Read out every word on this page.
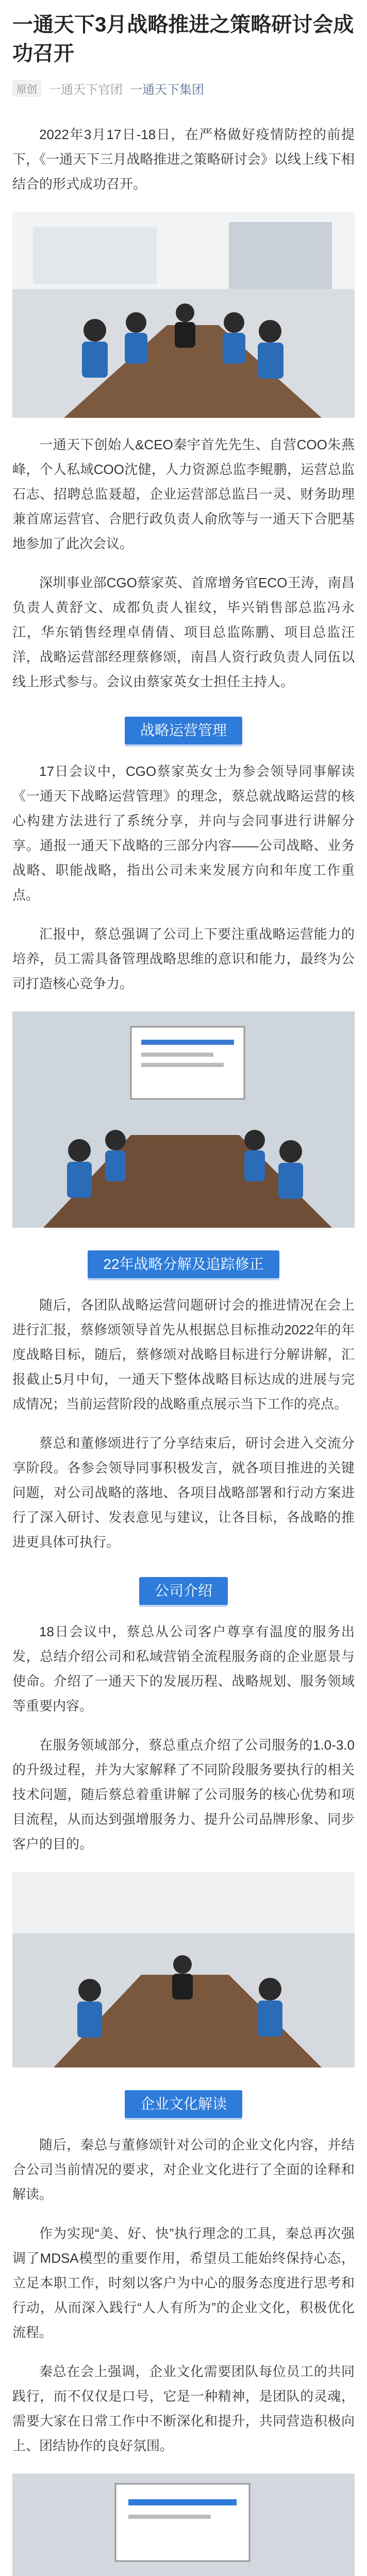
一通天下3月战略推进之策略研讨会成功召开
原创 一通天下官团 一通天下集团

2022年3月17日-18日，在严格做好疫情防控的前提下，《一通天下三月战略推进之策略研讨会》以线上线下相结合的形式成功召开。

一通天下创始人&CEO秦宇首先先生、自营COO朱燕峰，个人私域COO沈健，人力资源总监李鲲鹏，运营总监石志、招聘总监聂超，企业运营部总监吕一灵、财务助理兼首席运营官、合肥行政负责人俞欣等与一通天下合肥基地参加了此次会议。

深圳事业部CGO蔡家英、首席增务官ECO王涛，南昌负责人黄舒文、成都负责人崔纹，毕兴销售部总监冯永江，华东销售经理卓倩倩、项目总监陈鹏、项目总监汪洋，战略运营部经理蔡修颂，南昌人资行政负责人同伍以线上形式参与。会议由蔡家英女士担任主持人。

战略运营管理

17日会议中，CGO蔡家英女士为参会领导同事解读《一通天下战略运营管理》的理念，蔡总就战略运营的核心构建方法进行了系统分享，并向与会同事进行讲解分享。通报一通天下战略的三部分内容——公司战略、业务战略、职能战略，指出公司未来发展方向和年度工作重点。

汇报中，蔡总强调了公司上下要注重战略运营能力的培养，员工需具备管理战略思维的意识和能力，最终为公司打造核心竞争力。

22年战略分解及追踪修正

随后，各团队战略运营问题研讨会的推进情况在会上进行汇报，蔡修颂领导首先从根据总目标推动2022年的年度战略目标，随后，蔡修颂对战略目标进行分解讲解，汇报截止5月中旬，一通天下整体战略目标达成的进展与完成情况；当前运营阶段的战略重点展示当下工作的亮点。

蔡总和董修颂进行了分享结束后，研讨会进入交流分享阶段。各参会领导同事积极发言，就各项目推进的关键问题，对公司战略的落地、各项目战略部署和行动方案进行了深入研讨、发表意见与建议，让各目标，各战略的推进更具体可执行。

公司介绍

18日会议中，蔡总从公司客户尊享有温度的服务出发，总结介绍公司和私域营销全流程服务商的企业愿景与使命。介绍了一通天下的发展历程、战略规划、服务领域等重要内容。

在服务领域部分，蔡总重点介绍了公司服务的1.0-3.0的升级过程，并为大家解释了不同阶段服务要执行的相关技术问题，随后蔡总着重讲解了公司服务的核心优势和项目流程，从而达到强增服务力、提升公司品牌形象、同步客户的目的。

企业文化解读

随后，秦总与董修颂针对公司的企业文化内容，并结合公司当前情况的要求，对企业文化进行了全面的诠释和解读。

作为实现“美、好、快”执行理念的工具，秦总再次强调了MDSA模型的重要作用，希望员工能始终保持心态，立足本职工作，时刻以客户为中心的服务态度进行思考和行动，从而深入践行“人人有所为”的企业文化，积极优化流程。

秦总在会上强调，企业文化需要团队每位员工的共同践行，而不仅仅是口号，它是一种精神，是团队的灵魂，需要大家在日常工作中不断深化和提升，共同营造积极向上、团结协作的良好氛围。
